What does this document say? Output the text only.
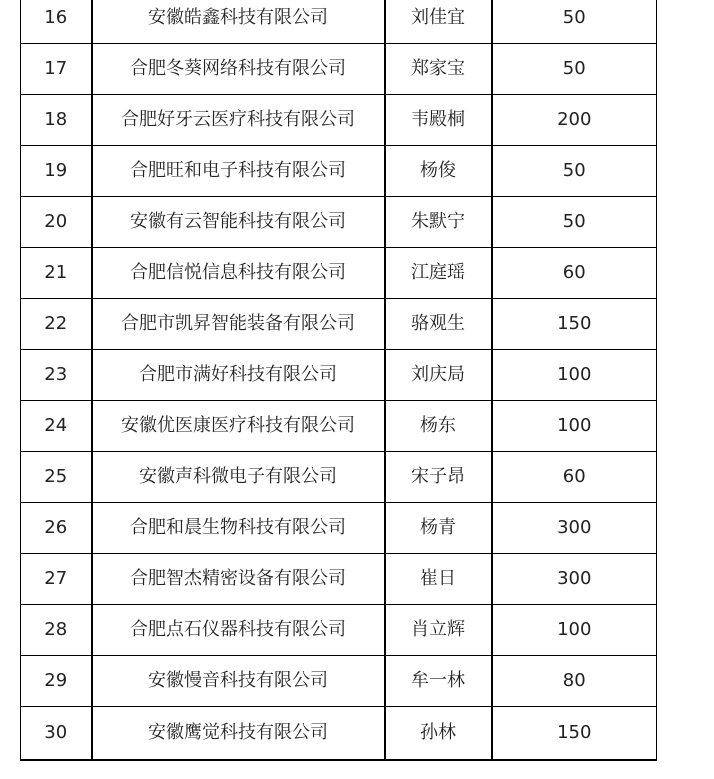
16	安徽皓鑫科技有限公司	刘佳宜	50
17	合肥冬葵网络科技有限公司	郑家宝	50
18	合肥好牙云医疗科技有限公司	韦殿桐	200
19	合肥旺和电子科技有限公司	杨俊	50
20	安徽有云智能科技有限公司	朱默宁	50
21	合肥信悦信息科技有限公司	江庭瑶	60
22	合肥市凯昇智能装备有限公司	骆观生	150
23	合肥市满好科技有限公司	刘庆局	100
24	安徽优医康医疗科技有限公司	杨东	100
25	安徽声科微电子有限公司	宋子昂	60
26	合肥和晨生物科技有限公司	杨青	300
27	合肥智杰精密设备有限公司	崔日	300
28	合肥点石仪器科技有限公司	肖立辉	100
29	安徽慢音科技有限公司	牟一林	80
30	安徽鹰觉科技有限公司	孙林	150
